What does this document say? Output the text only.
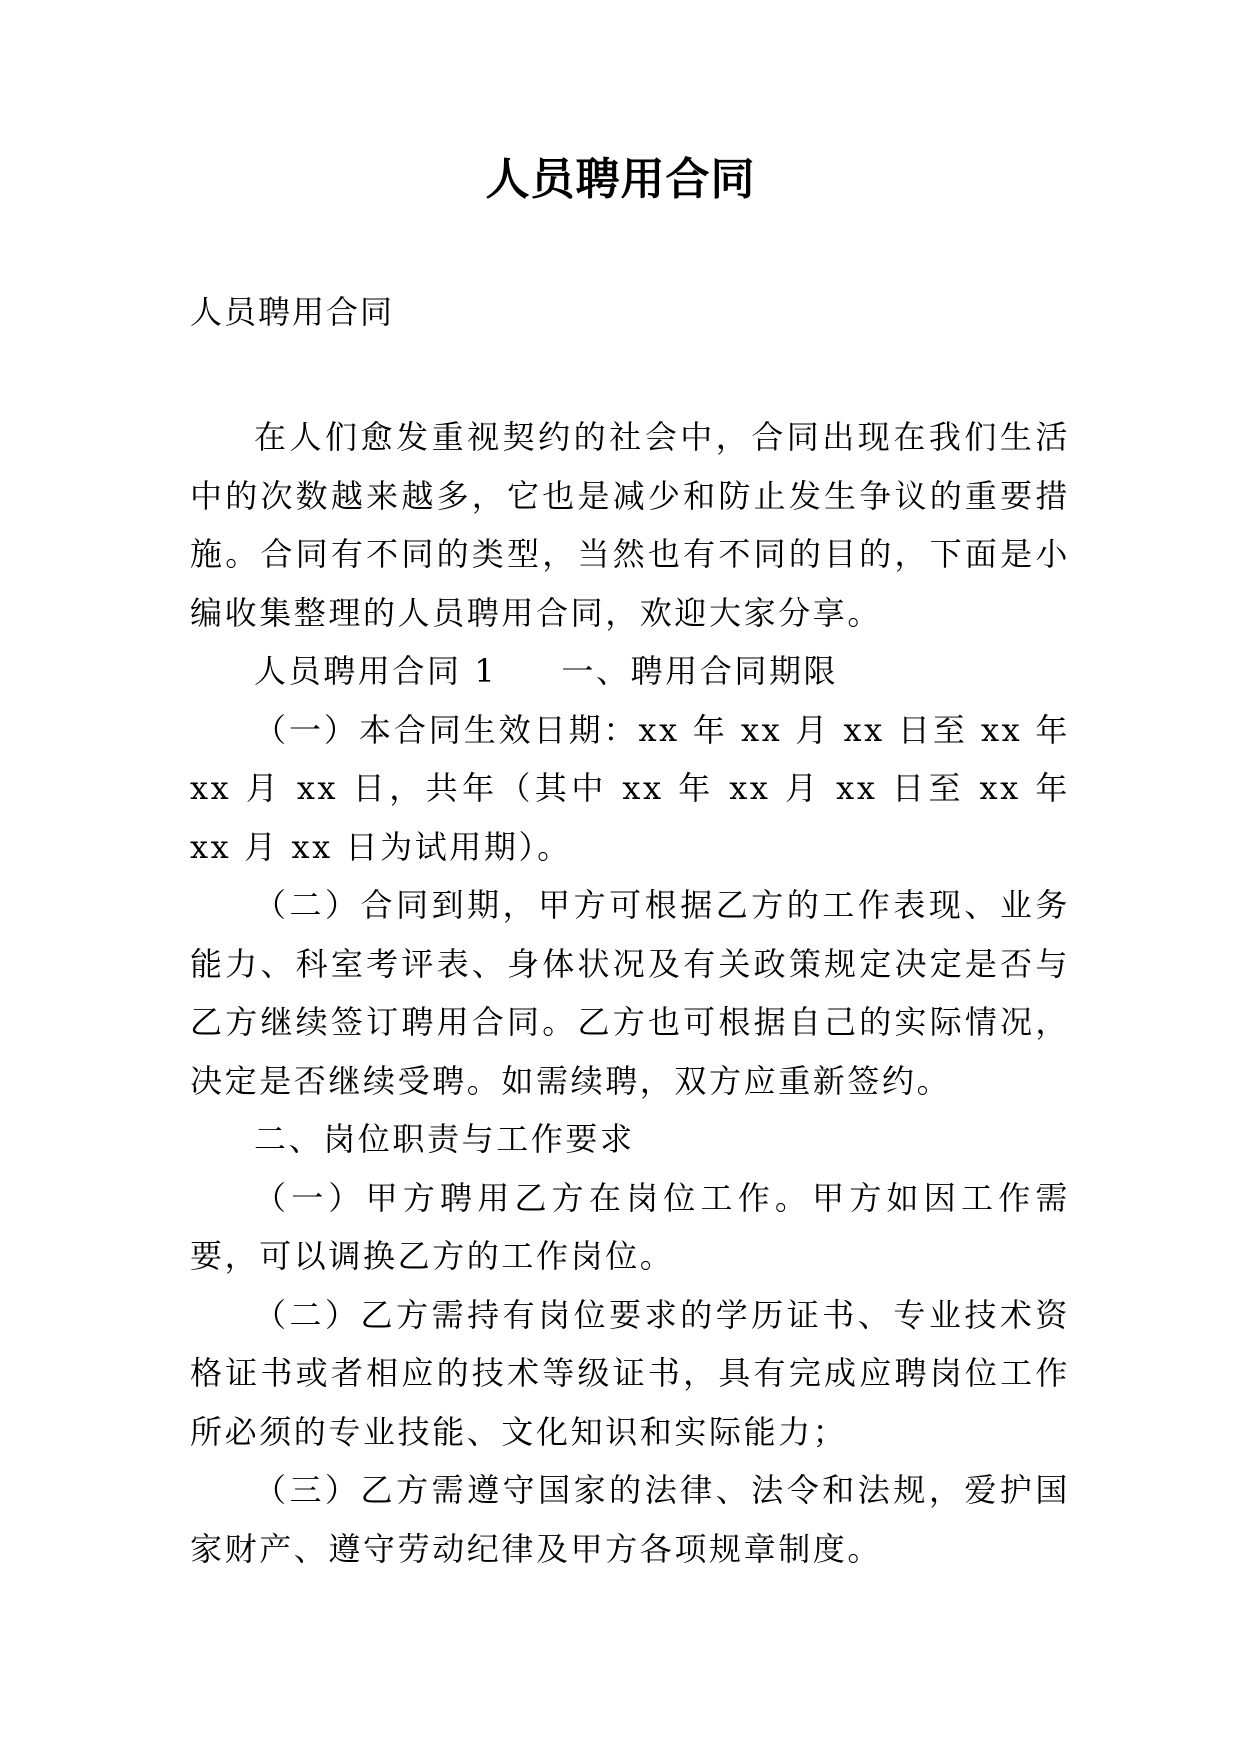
人员聘用合同

人员聘用合同

在人们愈发重视契约的社会中，合同出现在我们生活中的次数越来越多，它也是减少和防止发生争议的重要措施。合同有不同的类型，当然也有不同的目的，下面是小编收集整理的人员聘用合同，欢迎大家分享。

人员聘用合同 1 一、聘用合同期限

（一）本合同生效日期：xx 年 xx 月 xx 日至 xx 年 xx 月 xx 日，共年（其中 xx 年 xx 月 xx 日至 xx 年 xx 月 xx 日为试用期）。

（二）合同到期，甲方可根据乙方的工作表现、业务能力、科室考评表、身体状况及有关政策规定决定是否与乙方继续签订聘用合同。乙方也可根据自己的实际情况，决定是否继续受聘。如需续聘，双方应重新签约。

二、岗位职责与工作要求

（一）甲方聘用乙方在岗位工作。甲方如因工作需要，可以调换乙方的工作岗位。

（二）乙方需持有岗位要求的学历证书、专业技术资格证书或者相应的技术等级证书，具有完成应聘岗位工作所必须的专业技能、文化知识和实际能力；

（三）乙方需遵守国家的法律、法令和法规，爱护国家财产、遵守劳动纪律及甲方各项规章制度。
